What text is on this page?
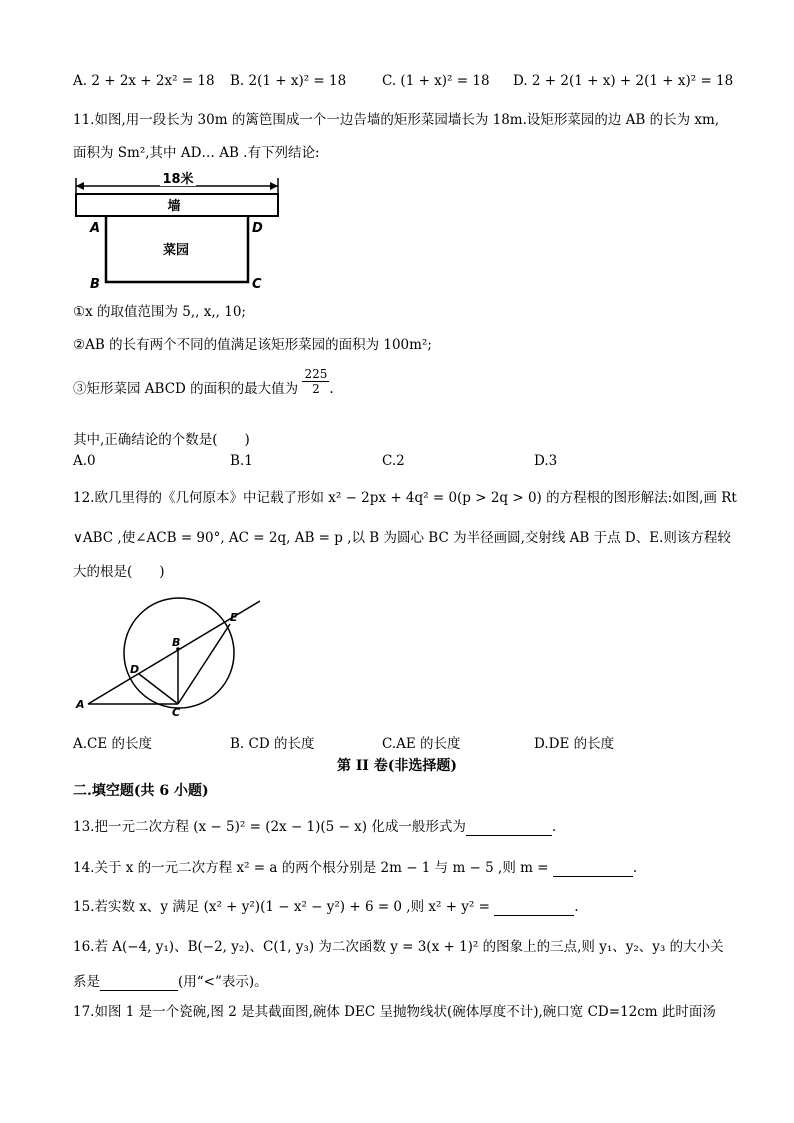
A. 2 + 2x + 2x² = 18 B. 2(1 + x)² = 18	C. (1 + x)² = 18 D. 2 + 2(1 + x) + 2(1 + x)² = 18
11.如图,用一段长为 30m 的篱笆围成一个一边告墙的矩形菜园墙长为 18m.设矩形菜园的边 AB 的长为 xm,
面积为 Sm²,其中 AD… AB .有下列结论:
18米
墙
菜园
A
B	C
D
①x 的取值范围为 5,, x,, 10;
②AB 的长有两个不同的值满足该矩形菜园的面积为 100m²;
③矩形菜园 ABCD 的面积的最大值为 $\frac{225}{2}$ .
其中,正确结论的个数是(　　)
A.0	B.1	C.2	D.3
12.欧几里得的《几何原本》中记载了形如 x² − 2px + 4q² = 0(p > 2q > 0) 的方程根的图形解法:如图,画 Rt
∨ABC ,使∠ACB = 90°, AC = 2q, AB = p ,以 B 为圆心 BC 为半径画圆,交射线 AB 于点 D、E.则该方程较
大的根是(　　)
A
B
C
D
E
A.CE 的长度	B. CD 的长度	C.AE 的长度	D.DE 的长度
第 II 卷(非选择题)
二.填空题(共 6 小题)
13.把一元二次方程 (x − 5)² = (2x − 1)(5 − x) 化成一般形式为	.
14.关于 x 的一元二次方程 x² = a 的两个根分别是 2m − 1 与 m − 5 ,则 m =	.
15.若实数 x、y 满足 (x² + y²)(1 − x² − y²) + 6 = 0 ,则 x² + y² =	.
16.若 A(−4, y₁)、B(−2, y₂)、C(1, y₃) 为二次函数 y = 3(x + 1)² 的图象上的三点,则 y₁、y₂、y₃ 的大小关
系是	(用“<”表示)。
17.如图 1 是一个瓷碗,图 2 是其截面图,碗体 DEC 呈抛物线状(碗体厚度不计),碗口宽 CD=12cm 此时面汤
